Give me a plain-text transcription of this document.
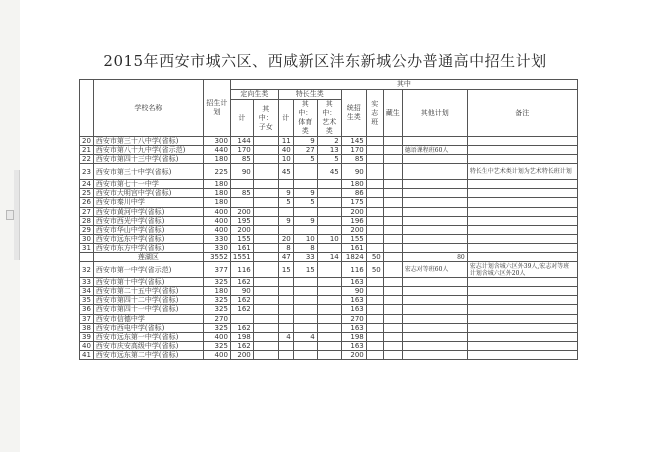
2015年西安市城六区、西咸新区沣东新城公办普通高中招生计划
	学校名称	招生计划	其中									
			定向生类		特长生类			统招生类	实志班	藏生	其他计划	备注
			计	其中：子女	计	其中：体育类	其中：艺术类					
20	西安市第三十八中学(省标)	300	144		11	9	2	145				
21	西安市第八十九中学(省示范)	440	170		40	27	13	170			德语课程班60人	
22	西安市第四十三中学(省标)	180	85		10	5	5	85				
23	西安市第三十中学(省标)	225	90		45		45	90				特长生中艺术类计划为艺术特长班计划
24	西安市第七十一中学	180						180				
25	西安市大明宫中学(省标)	180	85		9	9		86				
26	西安市秦川中学	180			5	5		175				
27	西安市黄河中学(省标)	400	200					200				
28	西安市西光中学(省标)	400	195		9	9		196				
29	西安市华山中学(省标)	400	200					200				
30	西安市远东中学(省标)	330	155		20	10	10	155				
31	西安市东方中学(省标)	330	161		8	8		161				
	莲湖区	3552	1551		47	33	14	1824	50		80	
32	西安市第一中学(省示范)	377	116		15	15		116	50		宏志对等班60人	宏志计划含城六区外39人,宏志对等班计划含城六区外20人
33	西安市第十中学(省标)	325	162					163				
34	西安市第二十五中学(省标)	180	90					90				
35	西安市第四十二中学(省标)	325	162					163				
36	西安市第四十一中学(省标)	325	162					163				
37	西安市信德中学	270						270				
38	西安市西电中学(省标)	325	162					163				
39	西安市远东第一中学(省标)	400	198		4	4		198				
40	西安市庆安高级中学(省标)	325	162					163				
41	西安市远东第二中学(省标)	400	200					200				
